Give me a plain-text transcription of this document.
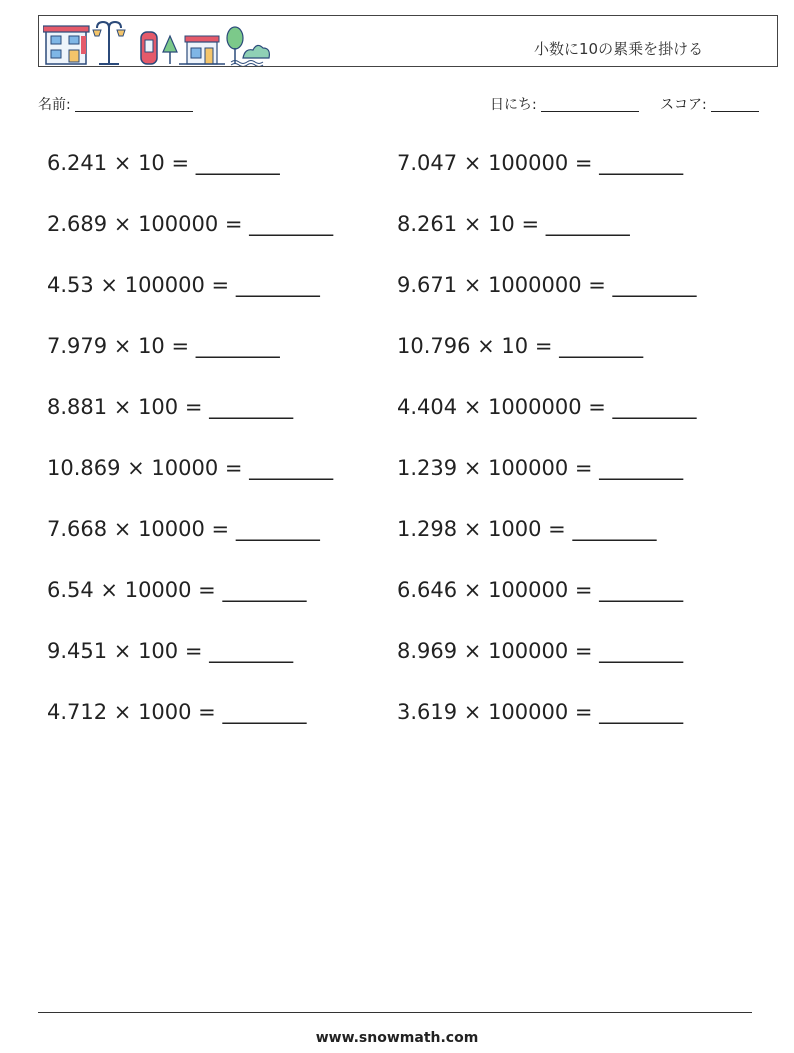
小数に10の累乗を掛ける
名前:	日にち:	スコア:
6.241 × 10 = ________	7.047 × 100000 = ________
2.689 × 100000 = ________	8.261 × 10 = ________
4.53 × 100000 = ________	9.671 × 1000000 = ________
7.979 × 10 = ________	10.796 × 10 = ________
8.881 × 100 = ________	4.404 × 1000000 = ________
10.869 × 10000 = ________	1.239 × 100000 = ________
7.668 × 10000 = ________	1.298 × 1000 = ________
6.54 × 10000 = ________	6.646 × 100000 = ________
9.451 × 100 = ________	8.969 × 100000 = ________
4.712 × 1000 = ________	3.619 × 100000 = ________
www.snowmath.com
